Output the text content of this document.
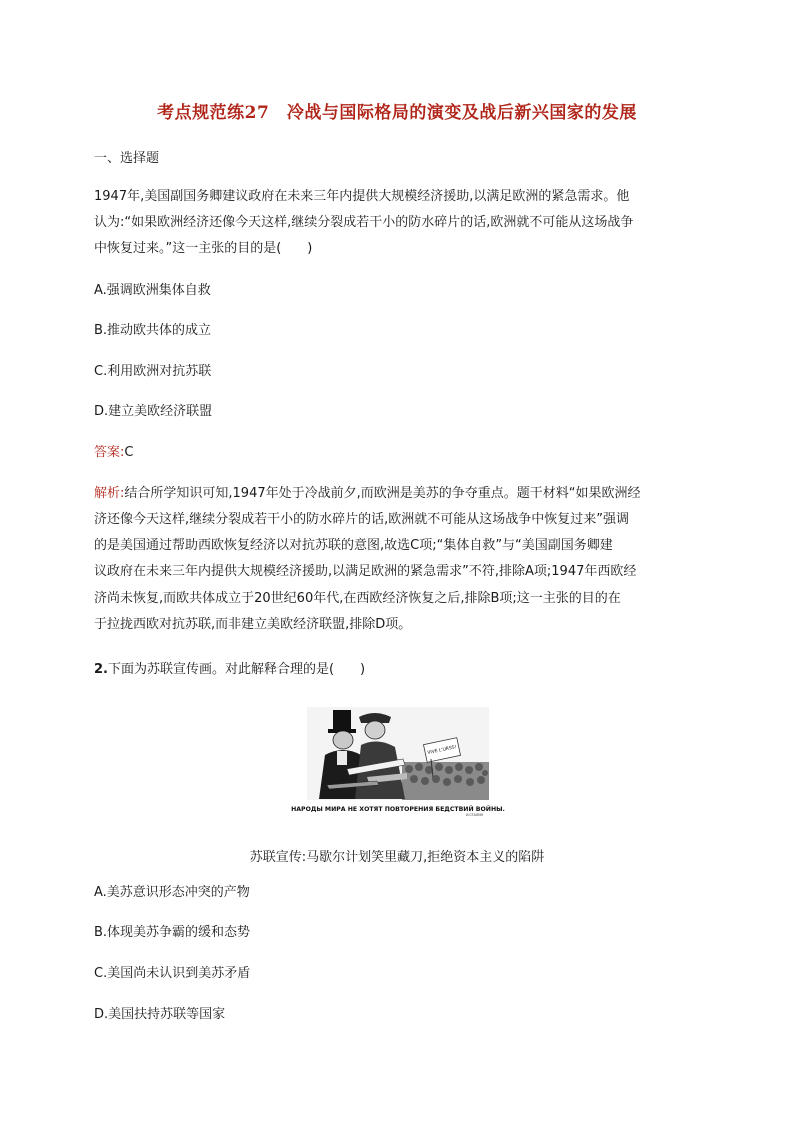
考点规范练27　冷战与国际格局的演变及战后新兴国家的发展
一、选择题
1947年,美国副国务卿建议政府在未来三年内提供大规模经济援助,以满足欧洲的紧急需求。他
认为:“如果欧洲经济还像今天这样,继续分裂成若干小的防水碎片的话,欧洲就不可能从这场战争
中恢复过来。”这一主张的目的是(　　)
A.强调欧洲集体自救
B.推动欧共体的成立
C.利用欧洲对抗苏联
D.建立美欧经济联盟
答案:C
解析:结合所学知识可知,1947年处于冷战前夕,而欧洲是美苏的争夺重点。题干材料“如果欧洲经
济还像今天这样,继续分裂成若干小的防水碎片的话,欧洲就不可能从这场战争中恢复过来”强调
的是美国通过帮助西欧恢复经济以对抗苏联的意图,故选C项;“集体自救”与“美国副国务卿建
议政府在未来三年内提供大规模经济援助,以满足欧洲的紧急需求”不符,排除A项;1947年西欧经
济尚未恢复,而欧共体成立于20世纪60年代,在西欧经济恢复之后,排除B项;这一主张的目的在
于拉拢西欧对抗苏联,而非建立美欧经济联盟,排除D项。
2.下面为苏联宣传画。对此解释合理的是(　　)
НАРОДЫ МИРА НЕ ХОТЯТ ПОВТОРЕНИЯ БЕДСТВИЙ ВОЙНЫ.
И.СТАЛИН
VIVE L'URSS!
苏联宣传:马歇尔计划笑里藏刀,拒绝资本主义的陷阱
A.美苏意识形态冲突的产物
B.体现美苏争霸的缓和态势
C.美国尚未认识到美苏矛盾
D.美国扶持苏联等国家
